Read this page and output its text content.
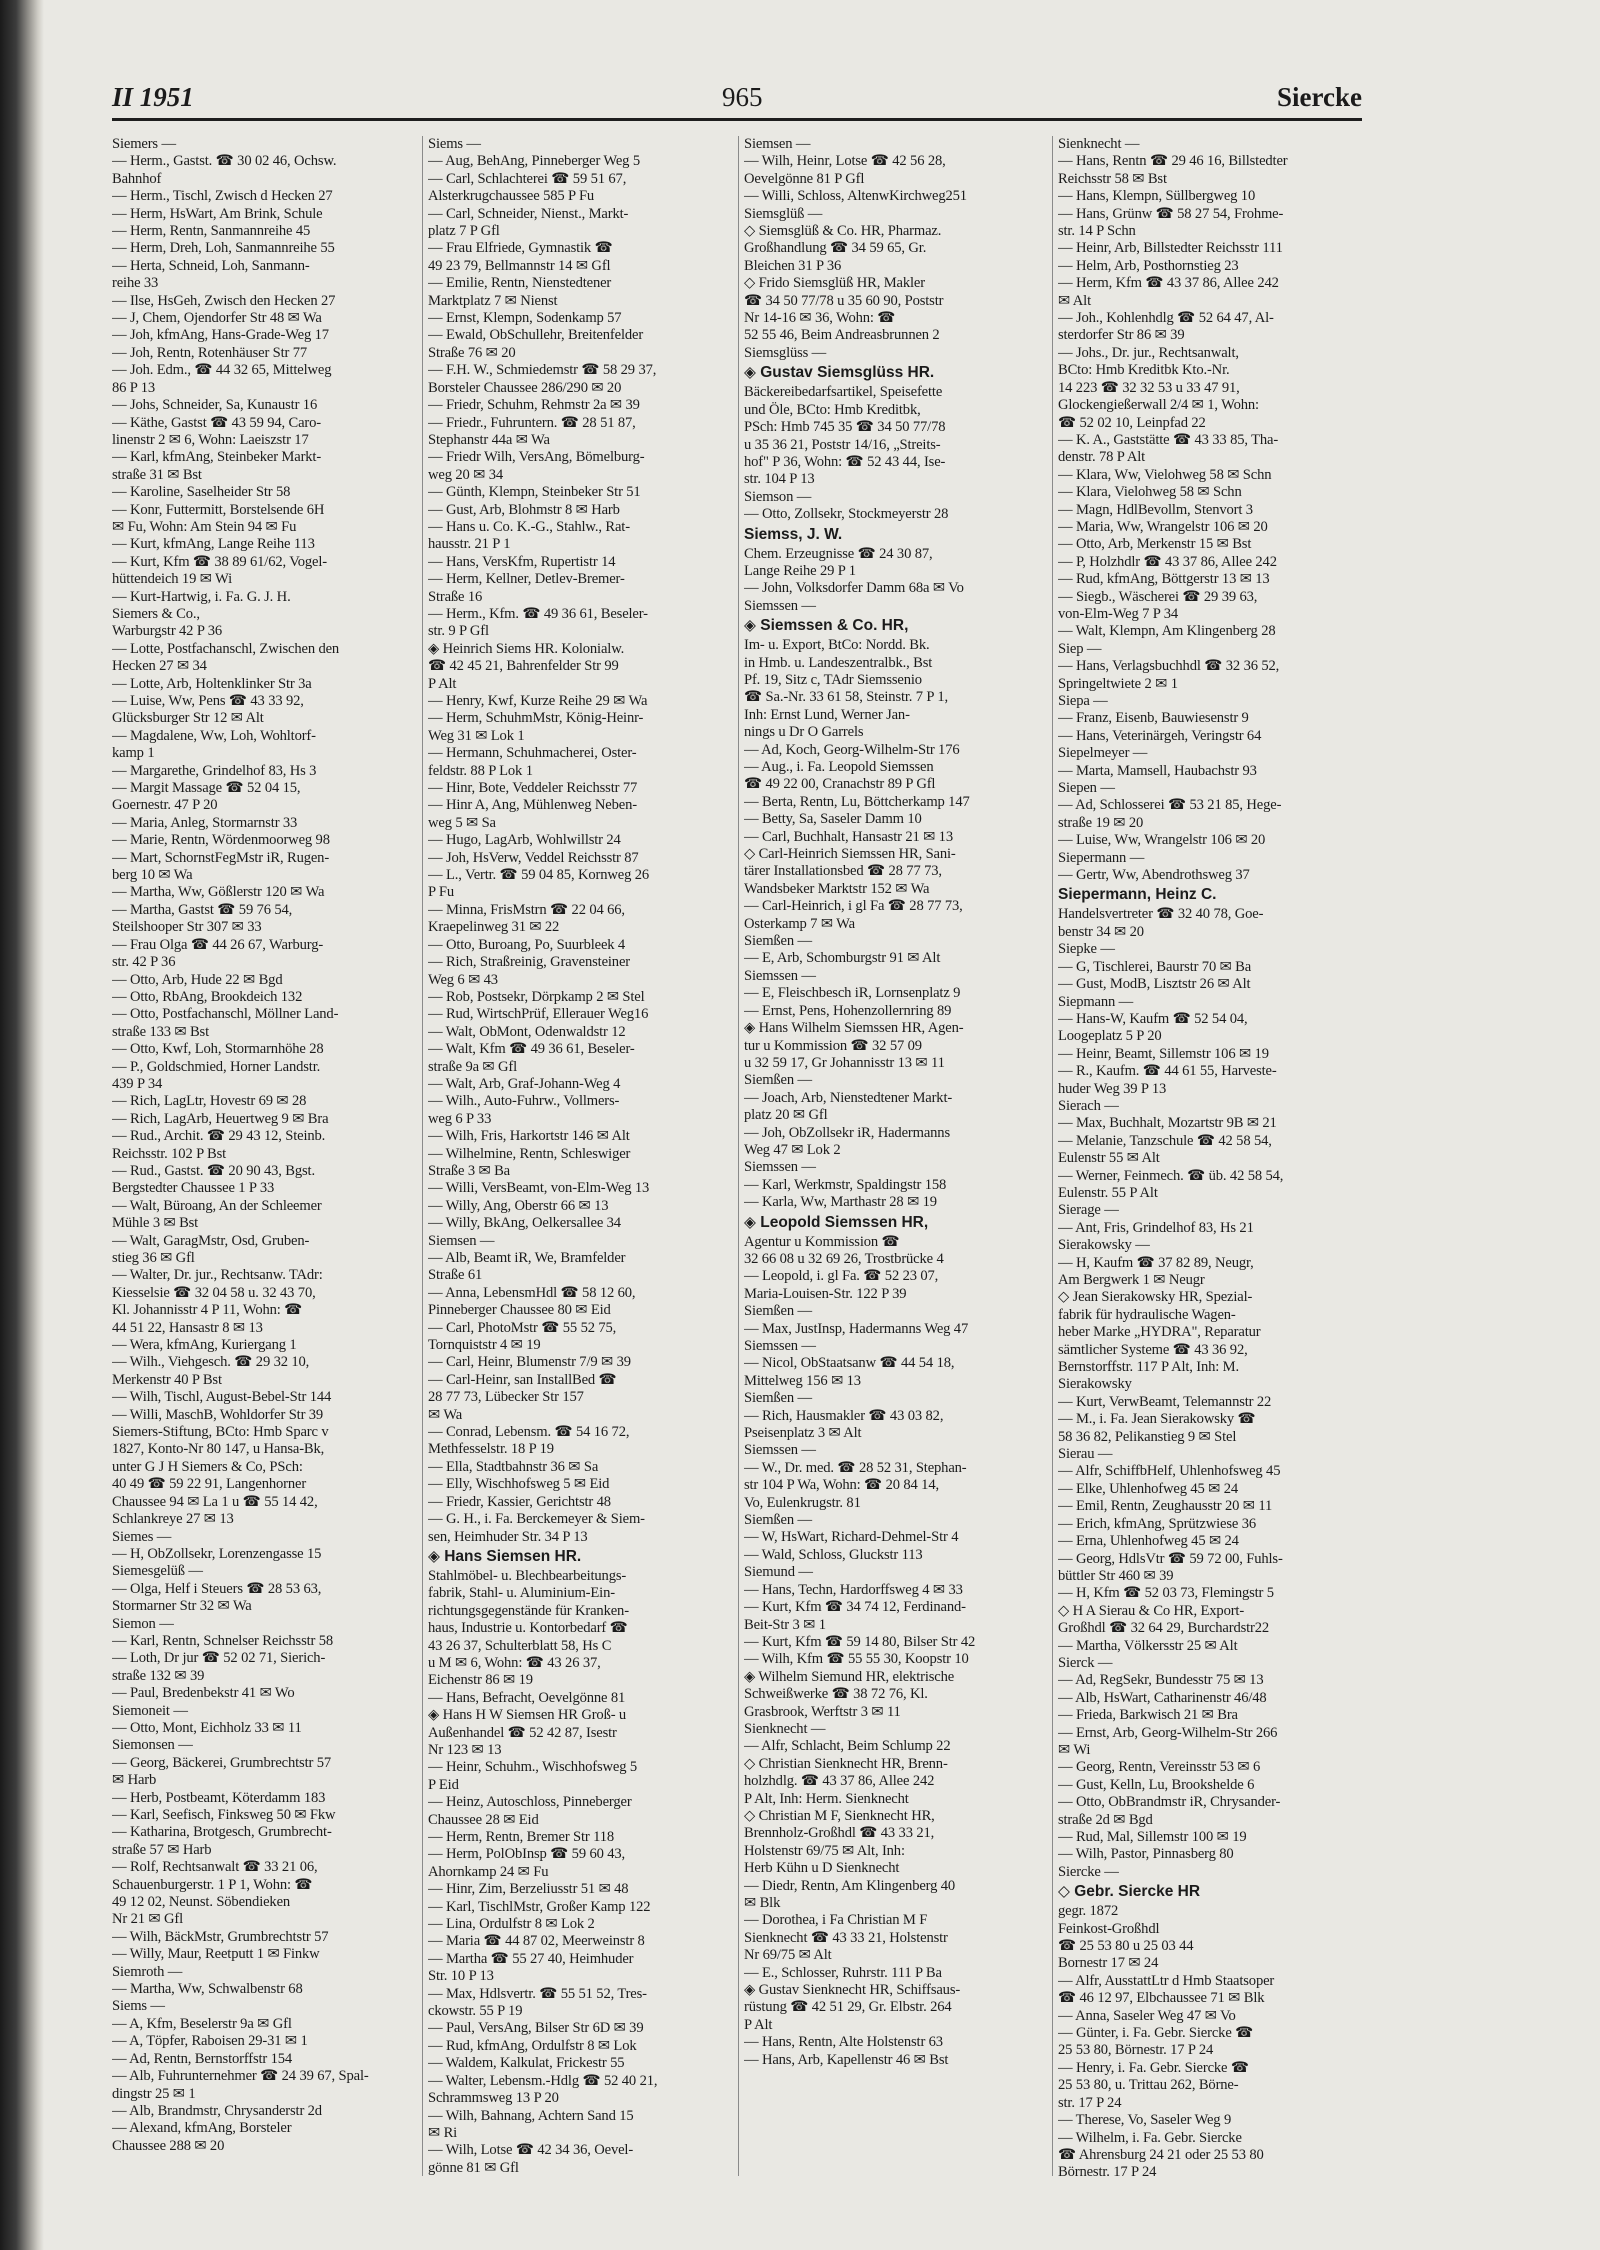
II 1951	965	Siercke
Siemers —
— Herm., Gastst. ☎ 30 02 46, Ochsw.
Bahnhof
— Herm., Tischl, Zwisch d Hecken 27
— Herm, HsWart, Am Brink, Schule
— Herm, Rentn, Sanmannreihe 45
— Herm, Dreh, Loh, Sanmannreihe 55
— Herta, Schneid, Loh, Sanmann-
reihe 33
— Ilse, HsGeh, Zwisch den Hecken 27
— J, Chem, Ojendorfer Str 48 ✉ Wa
— Joh, kfmAng, Hans-Grade-Weg 17
— Joh, Rentn, Rotenhäuser Str 77
— Joh. Edm., ☎ 44 32 65, Mittelweg
86 P 13
— Johs, Schneider, Sa, Kunaustr 16
— Käthe, Gastst ☎ 43 59 94, Caro-
linenstr 2 ✉ 6, Wohn: Laeiszstr 17
— Karl, kfmAng, Steinbeker Markt-
straße 31 ✉ Bst
— Karoline, Saselheider Str 58
— Konr, Futtermitt, Borstelsende 6H
✉ Fu, Wohn: Am Stein 94 ✉ Fu
— Kurt, kfmAng, Lange Reihe 113
— Kurt, Kfm ☎ 38 89 61/62, Vogel-
hüttendeich 19 ✉ Wi
— Kurt-Hartwig, i. Fa. G. J. H.
Siemers & Co.,
Warburgstr 42 P 36
— Lotte, Postfachanschl, Zwischen den
Hecken 27 ✉ 34
— Lotte, Arb, Holtenklinker Str 3a
— Luise, Ww, Pens ☎ 43 33 92,
Glücksburger Str 12 ✉ Alt
— Magdalene, Ww, Loh, Wohltorf-
kamp 1
— Margarethe, Grindelhof 83, Hs 3
— Margit Massage ☎ 52 04 15,
Goernestr. 47 P 20
— Maria, Anleg, Stormarnstr 33
— Marie, Rentn, Wördenmoorweg 98
— Mart, SchornstFegMstr iR, Rugen-
berg 10 ✉ Wa
— Martha, Ww, Gößlerstr 120 ✉ Wa
— Martha, Gastst ☎ 59 76 54,
Steilshooper Str 307 ✉ 33
— Frau Olga ☎ 44 26 67, Warburg-
str. 42 P 36
— Otto, Arb, Hude 22 ✉ Bgd
— Otto, RbAng, Brookdeich 132
— Otto, Postfachanschl, Möllner Land-
straße 133 ✉ Bst
— Otto, Kwf, Loh, Stormarnhöhe 28
— P., Goldschmied, Horner Landstr.
439 P 34
— Rich, LagLtr, Hovestr 69 ✉ 28
— Rich, LagArb, Heuertweg 9 ✉ Bra
— Rud., Archit. ☎ 29 43 12, Steinb.
Reichsstr. 102 P Bst
— Rud., Gastst. ☎ 20 90 43, Bgst.
Bergstedter Chaussee 1 P 33
— Walt, Büroang, An der Schleemer
Mühle 3 ✉ Bst
— Walt, GaragMstr, Osd, Gruben-
stieg 36 ✉ Gfl
— Walter, Dr. jur., Rechtsanw. TAdr:
Kiesselsie ☎ 32 04 58 u. 32 43 70,
Kl. Johannisstr 4 P 11, Wohn: ☎
44 51 22, Hansastr 8 ✉ 13
— Wera, kfmAng, Kuriergang 1
— Wilh., Viehgesch. ☎ 29 32 10,
Merkenstr 40 P Bst
— Wilh, Tischl, August-Bebel-Str 144
— Willi, MaschB, Wohldorfer Str 39
Siemers-Stiftung, BCto: Hmb Sparc v
1827, Konto-Nr 80 147, u Hansa-Bk,
unter G J H Siemers & Co, PSch:
40 49 ☎ 59 22 91, Langenhorner
Chaussee 94 ✉ La 1 u ☎ 55 14 42,
Schlankreye 27 ✉ 13
Siemes —
— H, ObZollsekr, Lorenzengasse 15
Siemesgelüß —
— Olga, Helf i Steuers ☎ 28 53 63,
Stormarner Str 32 ✉ Wa
Siemon —
— Karl, Rentn, Schnelser Reichsstr 58
— Loth, Dr jur ☎ 52 02 71, Sierich-
straße 132 ✉ 39
— Paul, Bredenbekstr 41 ✉ Wo
Siemoneit —
— Otto, Mont, Eichholz 33 ✉ 11
Siemonsen —
— Georg, Bäckerei, Grumbrechtstr 57
✉ Harb
— Herb, Postbeamt, Köterdamm 183
— Karl, Seefisch, Finksweg 50 ✉ Fkw
— Katharina, Brotgesch, Grumbrecht-
straße 57 ✉ Harb
— Rolf, Rechtsanwalt ☎ 33 21 06,
Schauenburgerstr. 1 P 1, Wohn: ☎
49 12 02, Neunst. Söbendieken
Nr 21 ✉ Gfl
— Wilh, BäckMstr, Grumbrechtstr 57
— Willy, Maur, Reetputt 1 ✉ Finkw
Siemroth —
— Martha, Ww, Schwalbenstr 68
Siems —
— A, Kfm, Beselerstr 9a ✉ Gfl
— A, Töpfer, Raboisen 29-31 ✉ 1
— Ad, Rentn, Bernstorffstr 154
— Alb, Fuhrunternehmer ☎ 24 39 67, Spal-
dingstr 25 ✉ 1
— Alb, Brandmstr, Chrysanderstr 2d
— Alexand, kfmAng, Borsteler
Chaussee 288 ✉ 20
Siems —
— Aug, BehAng, Pinneberger Weg 5
— Carl, Schlachterei ☎ 59 51 67,
Alsterkrugchaussee 585 P Fu
— Carl, Schneider, Nienst., Markt-
platz 7 P Gfl
— Frau Elfriede, Gymnastik ☎
49 23 79, Bellmannstr 14 ✉ Gfl
— Emilie, Rentn, Nienstedtener
Marktplatz 7 ✉ Nienst
— Ernst, Klempn, Sodenkamp 57
— Ewald, ObSchullehr, Breitenfelder
Straße 76 ✉ 20
— F.H. W., Schmiedemstr ☎ 58 29 37,
Borsteler Chaussee 286/290 ✉ 20
— Friedr, Schuhm, Rehmstr 2a ✉ 39
— Friedr., Fuhruntern. ☎ 28 51 87,
Stephanstr 44a ✉ Wa
— Friedr Wilh, VersAng, Bömelburg-
weg 20 ✉ 34
— Günth, Klempn, Steinbeker Str 51
— Gust, Arb, Blohmstr 8 ✉ Harb
— Hans u. Co. K.-G., Stahlw., Rat-
hausstr. 21 P 1
— Hans, VersKfm, Rupertistr 14
— Herm, Kellner, Detlev-Bremer-
Straße 16
— Herm., Kfm. ☎ 49 36 61, Beseler-
str. 9 P Gfl
◈ Heinrich Siems HR. Kolonialw.
☎ 42 45 21, Bahrenfelder Str 99
P Alt
— Henry, Kwf, Kurze Reihe 29 ✉ Wa
— Herm, SchuhmMstr, König-Heinr-
Weg 31 ✉ Lok 1
— Hermann, Schuhmacherei, Oster-
feldstr. 88 P Lok 1
— Hinr, Bote, Veddeler Reichsstr 77
— Hinr A, Ang, Mühlenweg Neben-
weg 5 ✉ Sa
— Hugo, LagArb, Wohlwillstr 24
— Joh, HsVerw, Veddel Reichsstr 87
— L., Vertr. ☎ 59 04 85, Kornweg 26
P Fu
— Minna, FrisMstrn ☎ 22 04 66,
Kraepelinweg 31 ✉ 22
— Otto, Buroang, Po, Suurbleek 4
— Rich, Straßreinig, Gravensteiner
Weg 6 ✉ 43
— Rob, Postsekr, Dörpkamp 2 ✉ Stel
— Rud, WirtschPrüf, Ellerauer Weg16
— Walt, ObMont, Odenwaldstr 12
— Walt, Kfm ☎ 49 36 61, Beseler-
straße 9a ✉ Gfl
— Walt, Arb, Graf-Johann-Weg 4
— Wilh., Auto-Fuhrw., Vollmers-
weg 6 P 33
— Wilh, Fris, Harkortstr 146 ✉ Alt
— Wilhelmine, Rentn, Schleswiger
Straße 3 ✉ Ba
— Willi, VersBeamt, von-Elm-Weg 13
— Willy, Ang, Oberstr 66 ✉ 13
— Willy, BkAng, Oelkersallee 34
Siemsen —
— Alb, Beamt iR, We, Bramfelder
Straße 61
— Anna, LebensmHdl ☎ 58 12 60,
Pinneberger Chaussee 80 ✉ Eid
— Carl, PhotoMstr ☎ 55 52 75,
Tornquiststr 4 ✉ 19
— Carl, Heinr, Blumenstr 7/9 ✉ 39
— Carl-Heinr, san InstallBed ☎
28 77 73, Lübecker Str 157
✉ Wa
— Conrad, Lebensm. ☎ 54 16 72,
Methfesselstr. 18 P 19
— Ella, Stadtbahnstr 36 ✉ Sa
— Elly, Wischhofsweg 5 ✉ Eid
— Friedr, Kassier, Gerichtstr 48
— G. H., i. Fa. Berckemeyer & Siem-
sen, Heimhuder Str. 34 P 13
◈ Hans Siemsen HR.
Stahlmöbel- u. Blechbearbeitungs-
fabrik, Stahl- u. Aluminium-Ein-
richtungsgegenstände für Kranken-
haus, Industrie u. Kontorbedarf ☎
43 26 37, Schulterblatt 58, Hs C
u M ✉ 6, Wohn: ☎ 43 26 37,
Eichenstr 86 ✉ 19
— Hans, Befracht, Oevelgönne 81
◈ Hans H W Siemsen HR Groß- u
Außenhandel ☎ 52 42 87, Isestr
Nr 123 ✉ 13
— Heinr, Schuhm., Wischhofsweg 5
P Eid
— Heinz, Autoschloss, Pinneberger
Chaussee 28 ✉ Eid
— Herm, Rentn, Bremer Str 118
— Herm, PolObInsp ☎ 59 60 43,
Ahornkamp 24 ✉ Fu
— Hinr, Zim, Berzeliusstr 51 ✉ 48
— Karl, TischlMstr, Großer Kamp 122
— Lina, Ordulfstr 8 ✉ Lok 2
— Maria ☎ 44 87 02, Meerweinstr 8
— Martha ☎ 55 27 40, Heimhuder
Str. 10 P 13
— Max, Hdlsvertr. ☎ 55 51 52, Tres-
ckowstr. 55 P 19
— Paul, VersAng, Bilser Str 6D ✉ 39
— Rud, kfmAng, Ordulfstr 8 ✉ Lok
— Waldem, Kalkulat, Frickestr 55
— Walter, Lebensm.-Hdlg ☎ 52 40 21,
Schrammsweg 13 P 20
— Wilh, Bahnang, Achtern Sand 15
✉ Ri
— Wilh, Lotse ☎ 42 34 36, Oevel-
gönne 81 ✉ Gfl
Siemsen —
— Wilh, Heinr, Lotse ☎ 42 56 28,
Oevelgönne 81 P Gfl
— Willi, Schloss, AltenwKirchweg251
Siemsglüß —
◇ Siemsglüß & Co. HR, Pharmaz.
Großhandlung ☎ 34 59 65, Gr.
Bleichen 31 P 36
◇ Frido Siemsglüß HR, Makler
☎ 34 50 77/78 u 35 60 90, Poststr
Nr 14-16 ✉ 36, Wohn: ☎
52 55 46, Beim Andreasbrunnen 2
Siemsglüss —
◈ Gustav Siemsglüss HR.
Bäckereibedarfsartikel, Speisefette
und Öle, BCto: Hmb Kreditbk,
PSch: Hmb 745 35 ☎ 34 50 77/78
u 35 36 21, Poststr 14/16, „Streits-
hof" P 36, Wohn: ☎ 52 43 44, Ise-
str. 104 P 13
Siemson —
— Otto, Zollsekr, Stockmeyerstr 28
Siemss, J. W.
Chem. Erzeugnisse ☎ 24 30 87,
Lange Reihe 29 P 1
— John, Volksdorfer Damm 68a ✉ Vo
Siemssen —
◈ Siemssen & Co. HR,
Im- u. Export, BtCo: Nordd. Bk.
in Hmb. u. Landeszentralbk., Bst
Pf. 19, Sitz c, TAdr Siemssenio
☎ Sa.-Nr. 33 61 58, Steinstr. 7 P 1,
Inh: Ernst Lund, Werner Jan-
nings u Dr O Garrels
— Ad, Koch, Georg-Wilhelm-Str 176
— Aug., i. Fa. Leopold Siemssen
☎ 49 22 00, Cranachstr 89 P Gfl
— Berta, Rentn, Lu, Böttcherkamp 147
— Betty, Sa, Saseler Damm 10
— Carl, Buchhalt, Hansastr 21 ✉ 13
◇ Carl-Heinrich Siemssen HR, Sani-
tärer Installationsbed ☎ 28 77 73,
Wandsbeker Marktstr 152 ✉ Wa
— Carl-Heinrich, i gl Fa ☎ 28 77 73,
Osterkamp 7 ✉ Wa
Siemßen —
— E, Arb, Schomburgstr 91 ✉ Alt
Siemssen —
— E, Fleischbesch iR, Lornsenplatz 9
— Ernst, Pens, Hohenzollernring 89
◈ Hans Wilhelm Siemssen HR, Agen-
tur u Kommission ☎ 32 57 09
u 32 59 17, Gr Johannisstr 13 ✉ 11
Siemßen —
— Joach, Arb, Nienstedtener Markt-
platz 20 ✉ Gfl
— Joh, ObZollsekr iR, Hadermanns
Weg 47 ✉ Lok 2
Siemssen —
— Karl, Werkmstr, Spaldingstr 158
— Karla, Ww, Marthastr 28 ✉ 19
◈ Leopold Siemssen HR,
Agentur u Kommission ☎
32 66 08 u 32 69 26, Trostbrücke 4
— Leopold, i. gl Fa. ☎ 52 23 07,
Maria-Louisen-Str. 122 P 39
Siemßen —
— Max, JustInsp, Hadermanns Weg 47
Siemssen —
— Nicol, ObStaatsanw ☎ 44 54 18,
Mittelweg 156 ✉ 13
Siemßen —
— Rich, Hausmakler ☎ 43 03 82,
Pseisenplatz 3 ✉ Alt
Siemssen —
— W., Dr. med. ☎ 28 52 31, Stephan-
str 104 P Wa, Wohn: ☎ 20 84 14,
Vo, Eulenkrugstr. 81
Siemßen —
— W, HsWart, Richard-Dehmel-Str 4
— Wald, Schloss, Gluckstr 113
Siemund —
— Hans, Techn, Hardorffsweg 4 ✉ 33
— Kurt, Kfm ☎ 34 74 12, Ferdinand-
Beit-Str 3 ✉ 1
— Kurt, Kfm ☎ 59 14 80, Bilser Str 42
— Wilh, Kfm ☎ 55 55 30, Koopstr 10
◈ Wilhelm Siemund HR, elektrische
Schweißwerke ☎ 38 72 76, Kl.
Grasbrook, Werftstr 3 ✉ 11
Sienknecht —
— Alfr, Schlacht, Beim Schlump 22
◇ Christian Sienknecht HR, Brenn-
holzhdlg. ☎ 43 37 86, Allee 242
P Alt, Inh: Herm. Sienknecht
◇ Christian M F, Sienknecht HR,
Brennholz-Großhdl ☎ 43 33 21,
Holstenstr 69/75 ✉ Alt, Inh:
Herb Kühn u D Sienknecht
— Diedr, Rentn, Am Klingenberg 40
✉ Blk
— Dorothea, i Fa Christian M F
Sienknecht ☎ 43 33 21, Holstenstr
Nr 69/75 ✉ Alt
— E., Schlosser, Ruhrstr. 111 P Ba
◈ Gustav Sienknecht HR, Schiffsaus-
rüstung ☎ 42 51 29, Gr. Elbstr. 264
P Alt
— Hans, Rentn, Alte Holstenstr 63
— Hans, Arb, Kapellenstr 46 ✉ Bst
Sienknecht —
— Hans, Rentn ☎ 29 46 16, Billstedter
Reichsstr 58 ✉ Bst
— Hans, Klempn, Süllbergweg 10
— Hans, Grünw ☎ 58 27 54, Frohme-
str. 14 P Schn
— Heinr, Arb, Billstedter Reichsstr 111
— Helm, Arb, Posthornstieg 23
— Herm, Kfm ☎ 43 37 86, Allee 242
✉ Alt
— Joh., Kohlenhdlg ☎ 52 64 47, Al-
sterdorfer Str 86 ✉ 39
— Johs., Dr. jur., Rechtsanwalt,
BCto: Hmb Kreditbk Kto.-Nr.
14 223 ☎ 32 32 53 u 33 47 91,
Glockengießerwall 2/4 ✉ 1, Wohn:
☎ 52 02 10, Leinpfad 22
— K. A., Gaststätte ☎ 43 33 85, Tha-
denstr. 78 P Alt
— Klara, Ww, Vielohweg 58 ✉ Schn
— Klara, Vielohweg 58 ✉ Schn
— Magn, HdlBevollm, Stenvort 3
— Maria, Ww, Wrangelstr 106 ✉ 20
— Otto, Arb, Merkenstr 15 ✉ Bst
— P, Holzhdlr ☎ 43 37 86, Allee 242
— Rud, kfmAng, Böttgerstr 13 ✉ 13
— Siegb., Wäscherei ☎ 29 39 63,
von-Elm-Weg 7 P 34
— Walt, Klempn, Am Klingenberg 28
Siep —
— Hans, Verlagsbuchhdl ☎ 32 36 52,
Springeltwiete 2 ✉ 1
Siepa —
— Franz, Eisenb, Bauwiesenstr 9
— Hans, Veterinärgeh, Veringstr 64
Siepelmeyer —
— Marta, Mamsell, Haubachstr 93
Siepen —
— Ad, Schlosserei ☎ 53 21 85, Hege-
straße 19 ✉ 20
— Luise, Ww, Wrangelstr 106 ✉ 20
Siepermann —
— Gertr, Ww, Abendrothsweg 37
Siepermann, Heinz C.
Handelsvertreter ☎ 32 40 78, Goe-
benstr 34 ✉ 20
Siepke —
— G, Tischlerei, Baurstr 70 ✉ Ba
— Gust, ModB, Lisztstr 26 ✉ Alt
Siepmann —
— Hans-W, Kaufm ☎ 52 54 04,
Loogeplatz 5 P 20
— Heinr, Beamt, Sillemstr 106 ✉ 19
— R., Kaufm. ☎ 44 61 55, Harveste-
huder Weg 39 P 13
Sierach —
— Max, Buchhalt, Mozartstr 9B ✉ 21
— Melanie, Tanzschule ☎ 42 58 54,
Eulenstr 55 ✉ Alt
— Werner, Feinmech. ☎ üb. 42 58 54,
Eulenstr. 55 P Alt
Sierage —
— Ant, Fris, Grindelhof 83, Hs 21
Sierakowsky —
— H, Kaufm ☎ 37 82 89, Neugr,
Am Bergwerk 1 ✉ Neugr
◇ Jean Sierakowsky HR, Spezial-
fabrik für hydraulische Wagen-
heber Marke „HYDRA", Reparatur
sämtlicher Systeme ☎ 43 36 92,
Bernstorffstr. 117 P Alt, Inh: M.
Sierakowsky
— Kurt, VerwBeamt, Telemannstr 22
— M., i. Fa. Jean Sierakowsky ☎
58 36 82, Pelikanstieg 9 ✉ Stel
Sierau —
— Alfr, SchiffbHelf, Uhlenhofsweg 45
— Elke, Uhlenhofweg 45 ✉ 24
— Emil, Rentn, Zeughausstr 20 ✉ 11
— Erich, kfmAng, Sprützwiese 36
— Erna, Uhlenhofweg 45 ✉ 24
— Georg, HdlsVtr ☎ 59 72 00, Fuhls-
büttler Str 460 ✉ 39
— H, Kfm ☎ 52 03 73, Flemingstr 5
◇ H A Sierau & Co HR, Export-
Großhdl ☎ 32 64 29, Burchardstr22
— Martha, Völkersstr 25 ✉ Alt
Sierck —
— Ad, RegSekr, Bundesstr 75 ✉ 13
— Alb, HsWart, Catharinenstr 46/48
— Frieda, Barkwisch 21 ✉ Bra
— Ernst, Arb, Georg-Wilhelm-Str 266
✉ Wi
— Georg, Rentn, Vereinsstr 53 ✉ 6
— Gust, Kelln, Lu, Brookshelde 6
— Otto, ObBrandmstr iR, Chrysander-
straße 2d ✉ Bgd
— Rud, Mal, Sillemstr 100 ✉ 19
— Wilh, Pastor, Pinnasberg 80
Siercke —
◇ Gebr. Siercke HR
gegr. 1872
Feinkost-Großhdl
☎ 25 53 80 u 25 03 44
Bornestr 17 ✉ 24
— Alfr, AusstattLtr d Hmb Staatsoper
☎ 46 12 97, Elbchaussee 71 ✉ Blk
— Anna, Saseler Weg 47 ✉ Vo
— Günter, i. Fa. Gebr. Siercke ☎
25 53 80, Börnestr. 17 P 24
— Henry, i. Fa. Gebr. Siercke ☎
25 53 80, u. Trittau 262, Börne-
str. 17 P 24
— Therese, Vo, Saseler Weg 9
— Wilhelm, i. Fa. Gebr. Siercke
☎ Ahrensburg 24 21 oder 25 53 80
Börnestr. 17 P 24
